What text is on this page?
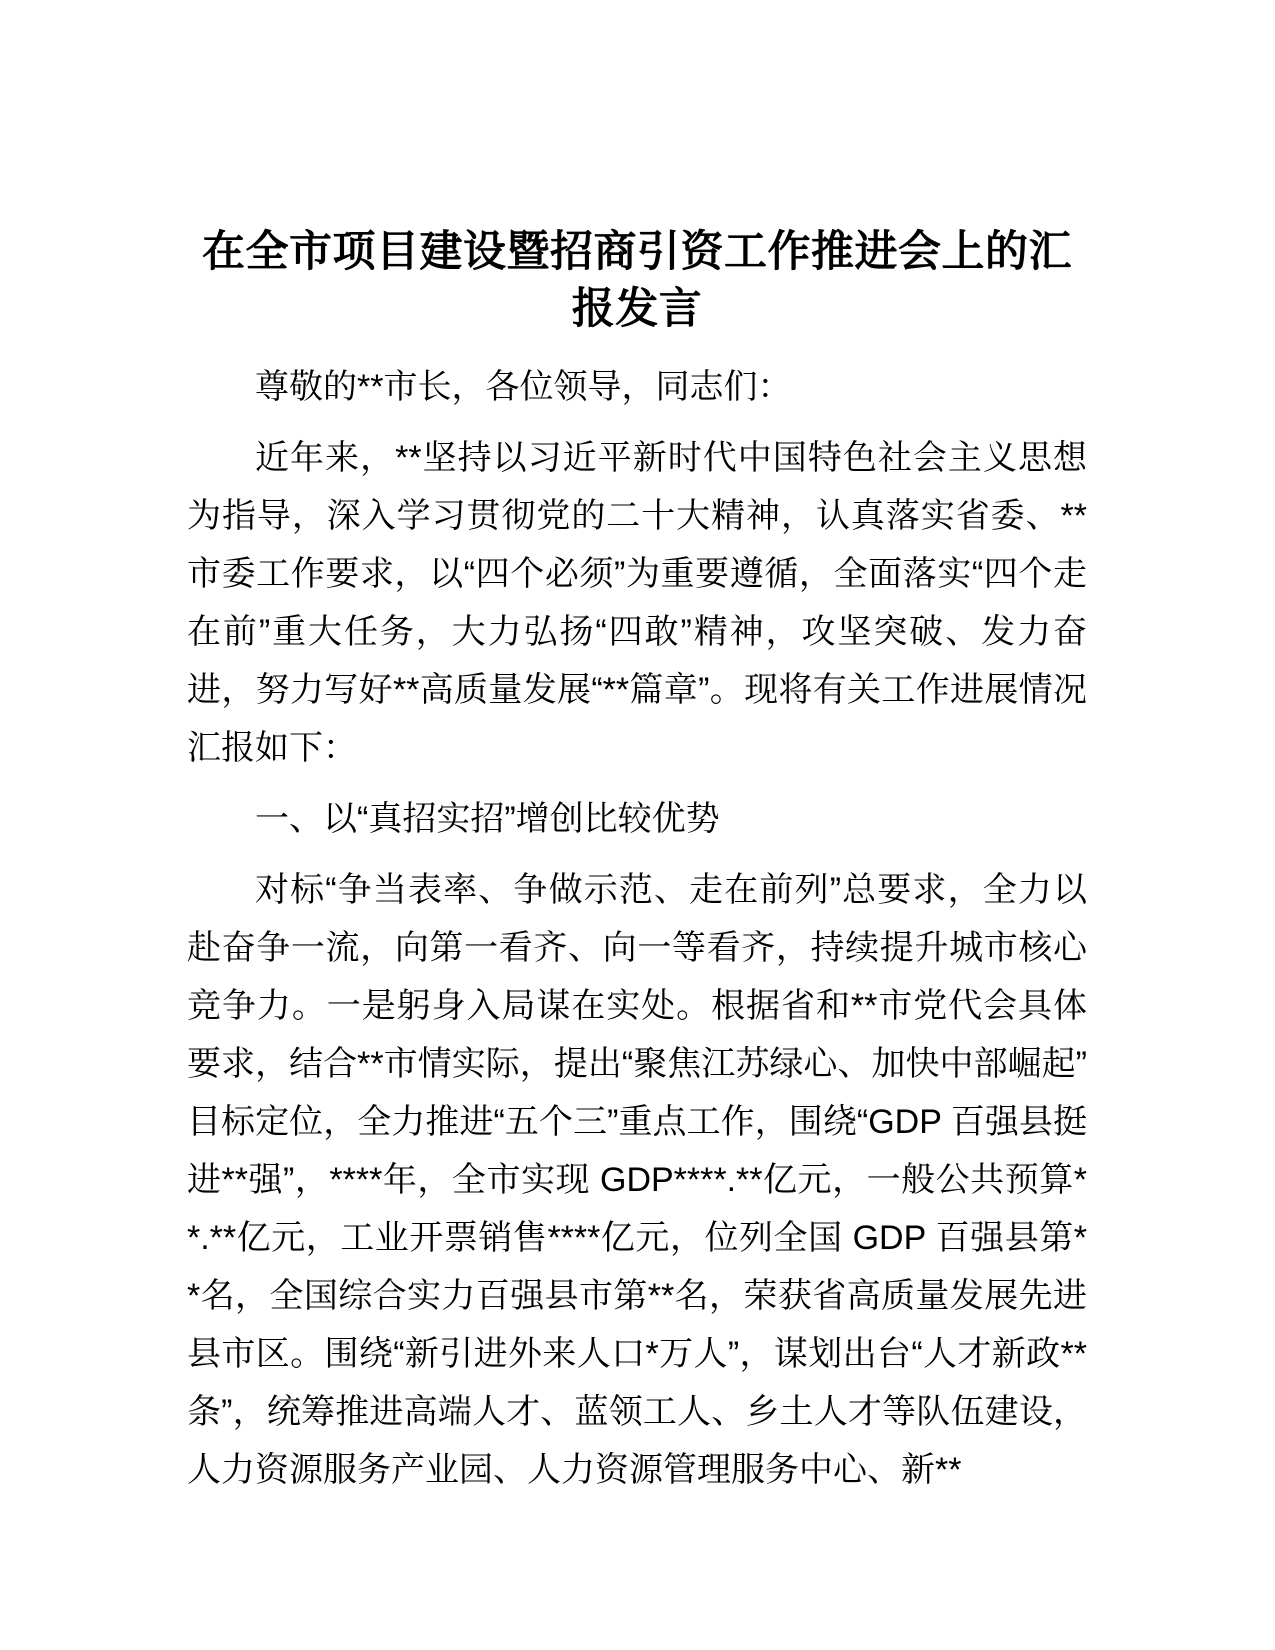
在全市项目建设暨招商引资工作推进会上的汇报发言

尊敬的**市长，各位领导，同志们：

近年来，**坚持以习近平新时代中国特色社会主义思想为指导，深入学习贯彻党的二十大精神，认真落实省委、**市委工作要求，以“四个必须”为重要遵循，全面落实“四个走在前”重大任务，大力弘扬“四敢”精神，攻坚突破、发力奋进，努力写好**高质量发展“**篇章”。现将有关工作进展情况汇报如下：

一、以“真招实招”增创比较优势

对标“争当表率、争做示范、走在前列”总要求，全力以赴奋争一流，向第一看齐、向一等看齐，持续提升城市核心竞争力。一是躬身入局谋在实处。根据省和**市党代会具体要求，结合**市情实际，提出“聚焦江苏绿心、加快中部崛起”目标定位，全力推进“五个三”重点工作，围绕“GDP 百强县挺进**强”，****年，全市实现 GDP****.**亿元，一般公共预算**.**亿元，工业开票销售****亿元，位列全国 GDP 百强县第**名，全国综合实力百强县市第**名，荣获省高质量发展先进县市区。围绕“新引进外来人口*万人”，谋划出台“人才新政**条”，统筹推进高端人才、蓝领工人、乡土人才等队伍建设，人力资源服务产业园、人力资源管理服务中心、新**
